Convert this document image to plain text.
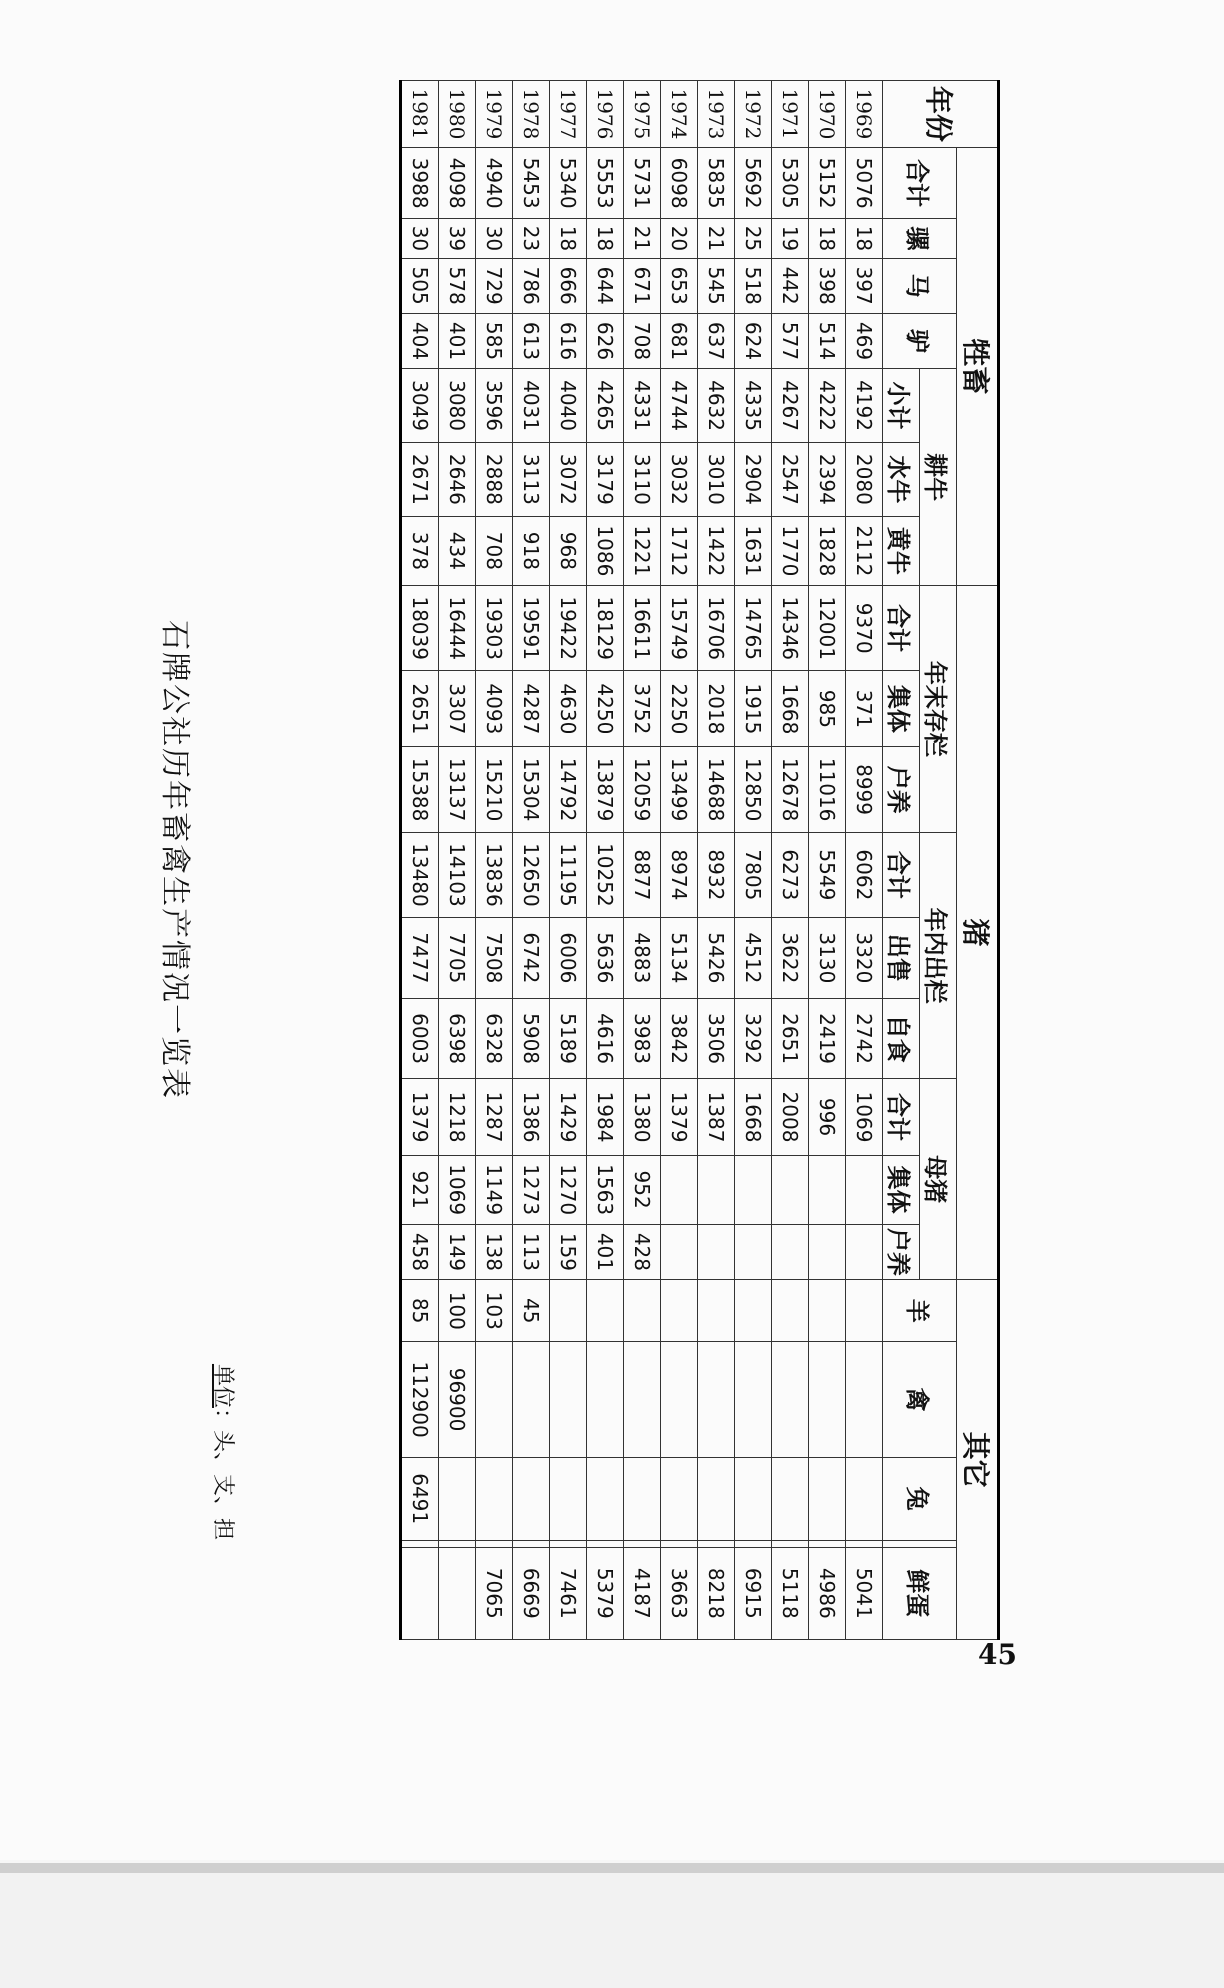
年份	牲畜							猪									其它				
	合计	骡	马	驴	耕牛			年末存栏			年内出栏			母猪			羊	禽	兔		鲜蛋
					小计	水牛	黄牛	合计	集体	户养	合计	出售	自食	合计	集体	户养					
1969	5076	18	397	469	4192	2080	2112	9370	371	8999	6062	3320	2742	1069							5041
1970	5152	18	398	514	4222	2394	1828	12001	985	11016	5549	3130	2419	996							4986
1971	5305	19	442	577	4267	2547	1770	14346	1668	12678	6273	3622	2651	2008							5118
1972	5692	25	518	624	4335	2904	1631	14765	1915	12850	7805	4512	3292	1668							6915
1973	5835	21	545	637	4632	3010	1422	16706	2018	14688	8932	5426	3506	1387							8218
1974	6098	20	653	681	4744	3032	1712	15749	2250	13499	8974	5134	3842	1379							3663
1975	5731	21	671	708	4331	3110	1221	16611	3752	12059	8877	4883	3983	1380	952	428					4187
1976	5553	18	644	626	4265	3179	1086	18129	4250	13879	10252	5636	4616	1984	1563	401					5379
1977	5340	18	666	616	4040	3072	968	19422	4630	14792	11195	6006	5189	1429	1270	159					7461
1978	5453	23	786	613	4031	3113	918	19591	4287	15304	12650	6742	5908	1386	1273	113	45				6669
1979	4940	30	729	585	3596	2888	708	19303	4093	15210	13836	7508	6328	1287	1149	138	103				7065
1980	4098	39	578	401	3080	2646	434	16444	3307	13137	14103	7705	6398	1218	1069	149	100	96900			
1981	3988	30	505	404	3049	2671	378	18039	2651	15388	13480	7477	6003	1379	921	458	85	112900	6491		
单位：头、支、担
石牌公社历年畜禽生产情况一览表
45
